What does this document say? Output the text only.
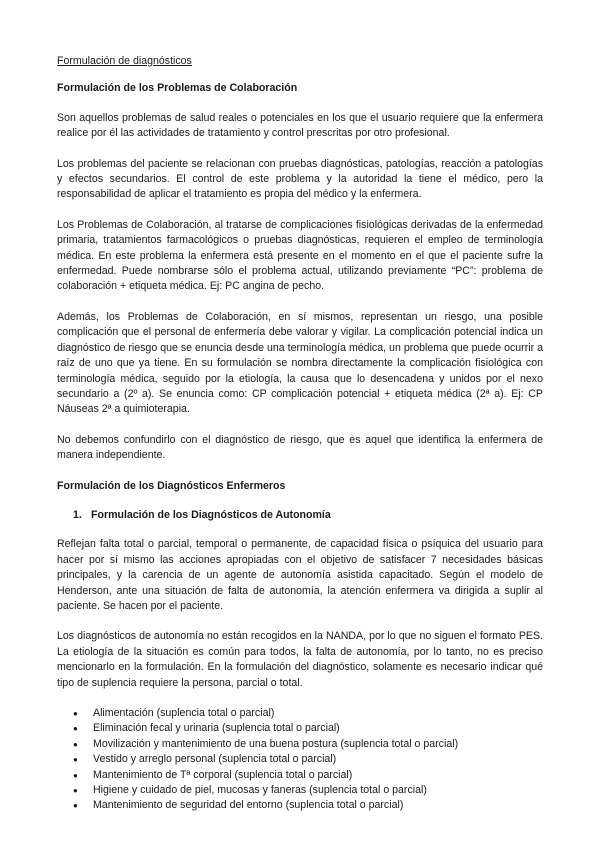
Formulación de diagnósticos
Formulación de los Problemas de Colaboración

Son aquellos problemas de salud reales o potenciales en los que el usuario requiere que la enfermera realice por él las actividades de tratamiento y control prescritas por otro profesional.

Los problemas del paciente se relacionan con pruebas diagnósticas, patologías, reacción a patologías y efectos secundarios. El control de este problema y la autoridad la tiene el médico, pero la responsabilidad de aplicar el tratamiento es propia del médico y la enfermera.

Los Problemas de Colaboración, al tratarse de complicaciones fisiológicas derivadas de la enfermedad primaria, tratamientos farmacológicos o pruebas diagnósticas, requieren el empleo de terminología médica. En este problema la enfermera está presente en el momento en el que el paciente sufre la enfermedad. Puede nombrarse sólo el problema actual, utilizando previamente “PC”: problema de colaboración + etiqueta médica. Ej: PC angina de pecho.

Además, los Problemas de Colaboración, en sí mismos, representan un riesgo, una posible complicación que el personal de enfermería debe valorar y vigilar. La complicación potencial indica un diagnóstico de riesgo que se enuncia desde una terminología médica, un problema que puede ocurrir a raíz de uno que ya tiene. En su formulación se nombra directamente la complicación fisiológica con terminología médica, seguido por la etiología, la causa que lo desencadena y unidos por el nexo secundario a (2º a). Se enuncia como: CP complicación potencial + etiqueta médica (2ª a). Ej: CP Náuseas 2ª a quimioterapia.

No debemos confundirlo con el diagnóstico de riesgo, que es aquel que identifica la enfermera de manera independiente.

Formulación de los Diagnósticos Enfermeros
1. Formulación de los Diagnósticos de Autonomía

Reflejan falta total o parcial, temporal o permanente, de capacidad física o psíquica del usuario para hacer por sí mismo las acciones apropiadas con el objetivo de satisfacer 7 necesidades básicas principales, y la carencia de un agente de autonomía asistida capacitado. Según el modelo de Henderson, ante una situación de falta de autonomía, la atención enfermera va dirigida a suplir al paciente. Se hacen por el paciente.

Los diagnósticos de autonomía no están recogidos en la NANDA, por lo que no siguen el formato PES. La etiología de la situación es común para todos, la falta de autonomía, por lo tanto, no es preciso mencionarlo en la formulación. En la formulación del diagnóstico, solamente es necesario indicar qué tipo de suplencia requiere la persona, parcial o total.

● Alimentación (suplencia total o parcial)
● Eliminación fecal y urinaria (suplencia total o parcial)
● Movilización y mantenimiento de una buena postura (suplencia total o parcial)
● Vestido y arreglo personal (suplencia total o parcial)
● Mantenimiento de Tª corporal (suplencia total o parcial)
● Higiene y cuidado de piel, mucosas y faneras (suplencia total o parcial)
● Mantenimiento de seguridad del entorno (suplencia total o parcial)
